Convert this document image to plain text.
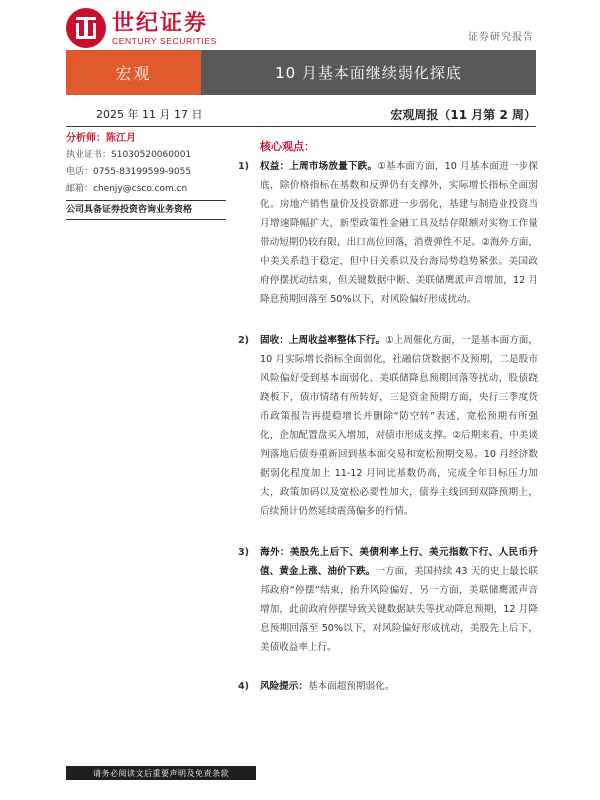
世纪证券
CENTURY SECURITIES	证券研究报告
宏观	10 月基本面继续弱化探底
2025 年 11 月 17 日	宏观周报（11 月第 2 周）
分析师：陈江月
执业证书：S1030520060001
电话：0755-83199599-9055
邮箱：chenjy@csco.com.cn
公司具备证券投资咨询业务资格
核心观点：
1) 权益：上周市场放量下跌。①基本面方面，10 月基本面进一步探底，除价格指标在基数和反弹仍有支撑外，实际增长指标全面弱化。房地产销售量价及投资都进一步弱化，基建与制造业投资当月增速降幅扩大，新型政策性金融工具及结存限额对实物工作量带动短期仍较有限，出口高位回落，消费弹性不足。②海外方面，中美关系趋于稳定，但中日关系以及台海局势趋势紧张。美国政府停摆扰动结束，但关键数据中断、美联储鹰派声音增加，12 月降息预期回落至 50%以下，对风险偏好形成扰动。
2) 固收：上周收益率整体下行。①上周催化方面，一是基本面方面，10 月实际增长指标全面弱化，社融信贷数据不及预期，二是股市风险偏好受到基本面弱化、美联储降息预期回落等扰动，股债跷跷板下，债市情绪有所转好，三是资金预期方面，央行三季度货币政策报告再提稳增长并删除“防空转”表述，宽松预期有所强化，企加配置盘买入增加，对债市形成支撑。②后期来看，中美谈判落地后债券重新回到基本面交易和宽松预期交易。10 月经济数据弱化程度加上 11-12 月同比基数仍高，完成全年目标压力加大，政策加码以及宽松必要性加大，债券主线回到双降预期上，后续预计仍然延续震荡偏多的行情。
3) 海外：美股先上后下、美债利率上行、美元指数下行、人民币升值、黄金上涨、油价下跌。一方面，美国持续 43 天的史上最长联邦政府“停摆”结束，抬升风险偏好，另一方面，美联储鹰派声音增加，此前政府停摆导致关键数据缺失等扰动降息预期，12 月降息预期回落至 50%以下，对风险偏好形成扰动，美股先上后下，美债收益率上行。
4) 风险提示：基本面超预期弱化。
请务必阅读文后重要声明及免责条款
